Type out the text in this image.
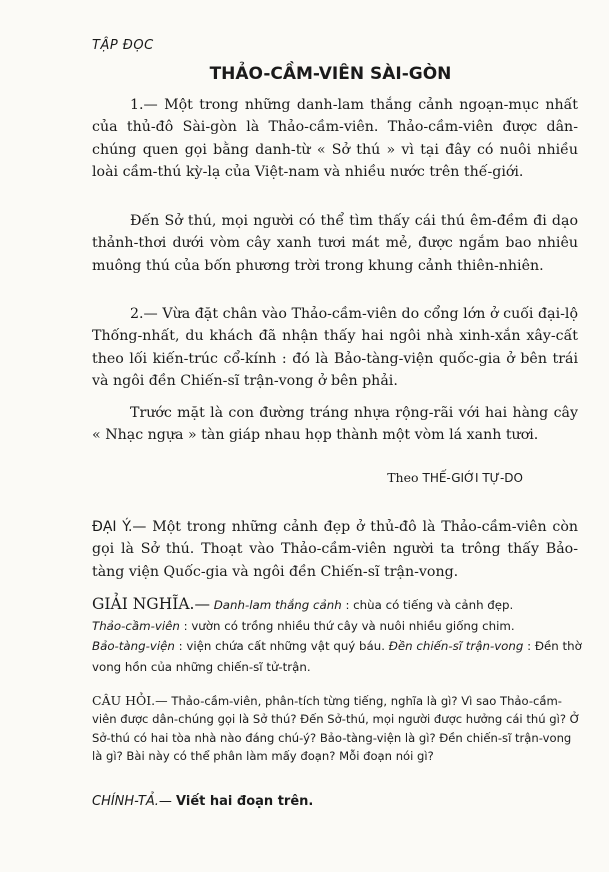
TẬP ĐỌC
THẢO-CẦM-VIÊN SÀI-GÒN

1.— Một trong những danh-lam thắng cảnh ngoạn-mục nhất của thủ-đô Sài-gòn là Thảo-cầm-viên. Thảo-cầm-viên được dân-chúng quen gọi bằng danh-từ « Sở thú » vì tại đây có nuôi nhiều loài cầm-thú kỳ-lạ của Việt-nam và nhiều nước trên thế-giới.

Đến Sở thú, mọi người có thể tìm thấy cái thú êm-đềm đi dạo thảnh-thơi dưới vòm cây xanh tươi mát mẻ, được ngắm bao nhiêu muông thú của bốn phương trời trong khung cảnh thiên-nhiên.

2.— Vừa đặt chân vào Thảo-cầm-viên do cổng lớn ở cuối đại-lộ Thống-nhất, du khách đã nhận thấy hai ngôi nhà xinh-xắn xây-cất theo lối kiến-trúc cổ-kính : đó là Bảo-tàng-viện quốc-gia ở bên trái và ngôi đền Chiến-sĩ trận-vong ở bên phải.

Trước mặt là con đường tráng nhựa rộng-rãi với hai hàng cây « Nhạc ngựa » tàn giáp nhau họp thành một vòm lá xanh tươi.

Theo THẾ-GIỚI TỰ-DO
ĐẠI Ý.— Một trong những cảnh đẹp ở thủ-đô là Thảo-cầm-viên còn gọi là Sở thú. Thoạt vào Thảo-cầm-viên người ta trông thấy Bảo-tàng viện Quốc-gia và ngôi đền Chiến-sĩ trận-vong.
GIẢI NGHĨA.— Danh-lam thắng cảnh : chùa có tiếng và cảnh đẹp.
Thảo-cầm-viên : vườn có trồng nhiều thứ cây và nuôi nhiều giống chim.
Bảo-tàng-viện : viện chứa cất những vật quý báu. Đền chiến-sĩ trận-vong : Đền thờ vong hồn của những chiến-sĩ tử-trận.
CÂU HỎI.— Thảo-cầm-viên, phân-tích từng tiếng, nghĩa là gì? Vì sao Thảo-cầm-viên được dân-chúng gọi là Sở thú? Đến Sở-thú, mọi người được hưởng cái thú gì? Ở Sở-thú có hai tòa nhà nào đáng chú-ý? Bảo-tàng-viện là gì? Đền chiến-sĩ trận-vong là gì? Bài này có thể phân làm mấy đoạn? Mỗi đoạn nói gì?
CHÍNH-TẢ.— Viết hai đoạn trên.
